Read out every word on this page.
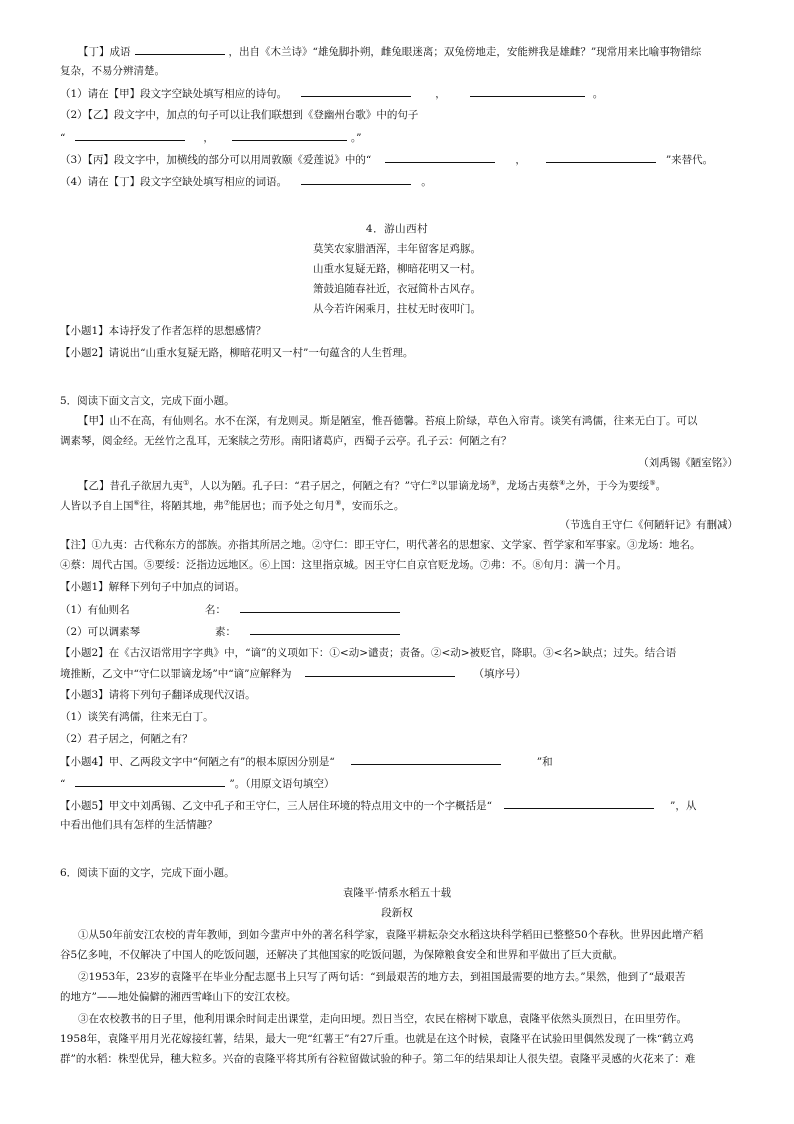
【丁】成语	，出自《木兰诗》“雄兔脚扑朔，雌兔眼迷离；双兔傍地走，安能辨我是雄雌？”现常用来比喻事物错综
复杂，不易分辨清楚。
（1）请在【甲】段文字空缺处填写相应的诗句。	，	。
（2）【乙】段文字中，加点的句子可以让我们联想到《登幽州台歌》中的句子
“	，	。”
（3）【丙】段文字中，加横线的部分可以用周敦颐《爱莲说》中的“	，	”来替代。
（4）请在【丁】段文字空缺处填写相应的词语。	。
4．游山西村
莫笑农家腊酒浑，丰年留客足鸡豚。
山重水复疑无路，柳暗花明又一村。
箫鼓追随春社近，衣冠简朴古风存。
从今若许闲乘月，拄杖无时夜叩门。
【小题1】本诗抒发了作者怎样的思想感情？
【小题2】请说出“山重水复疑无路，柳暗花明又一村”一句蕴含的人生哲理。
5．阅读下面文言文，完成下面小题。
【甲】山不在高，有仙则名。水不在深，有龙则灵。斯是陋室，惟吾德馨。苔痕上阶绿，草色入帘青。谈笑有鸿儒，往来无白丁。可以
调素琴，阅金经。无丝竹之乱耳，无案牍之劳形。南阳诸葛庐，西蜀子云亭。孔子云：何陋之有？
（刘禹锡《陋室铭》）
【乙】昔孔子欲居九夷①，人以为陋。孔子曰：“君子居之，何陋之有？”守仁②以罪谪龙场③，龙场古夷蔡④之外，于今为要绥⑤。
人皆以予自上国⑥往，将陋其地，弗⑦能居也；而予处之旬月⑧，安而乐之。
（节选自王守仁《何陋轩记》有删减）
【注】①九夷：古代称东方的部族。亦指其所居之地。②守仁：即王守仁，明代著名的思想家、文学家、哲学家和军事家。③龙场：地名。
④蔡：周代古国。⑤要绥：泛指边远地区。⑥上国：这里指京城。因王守仁自京官贬龙场。⑦弗：不。⑧旬月：满一个月。
【小题1】解释下列句子中加点的词语。
（1）有仙则名	名：
（2）可以调素琴	素：
【小题2】在《古汉语常用字字典》中，“谪”的义项如下：①<动>谴责；责备。②<动>被贬官，降职。③<名>缺点；过失。结合语
境推断，乙文中“守仁以罪谪龙场”中“谪”应解释为	（填序号）
【小题3】请将下列句子翻译成现代汉语。
（1）谈笑有鸿儒，往来无白丁。
（2）君子居之，何陋之有？
【小题4】甲、乙两段文字中“何陋之有”的根本原因分别是“	”和
“	”。（用原文语句填空）
【小题5】甲文中刘禹锡、乙文中孔子和王守仁，三人居住环境的特点用文中的一个字概括是“	”，从
中看出他们具有怎样的生活情趣？
6．阅读下面的文字，完成下面小题。
袁隆平·情系水稻五十载
段新权
①从50年前安江农校的青年教师，到如今蜚声中外的著名科学家，袁隆平耕耘杂交水稻这块科学稻田已整整50个春秋。世界因此增产稻
谷5亿多吨，不仅解决了中国人的吃饭问题，还解决了其他国家的吃饭问题，为保障粮食安全和世界和平做出了巨大贡献。
②1953年，23岁的袁隆平在毕业分配志愿书上只写了两句话：“到最艰苦的地方去，到祖国最需要的地方去。”果然，他到了“最艰苦
的地方”——地处偏僻的湘西雪峰山下的安江农校。
③在农校教书的日子里，他利用课余时间走出课堂，走向田埂。烈日当空，农民在榕树下歇息，袁隆平依然头顶烈日，在田里劳作。
1958年，袁隆平用月光花嫁接红薯，结果，最大一兜“红薯王”有27斤重。也就是在这个时候，袁隆平在试验田里偶然发现了一株“鹤立鸡
群”的水稻：株型优异，穗大粒多。兴奋的袁隆平将其所有谷粒留做试验的种子。第二年的结果却让人很失望。袁隆平灵感的火花来了：难
